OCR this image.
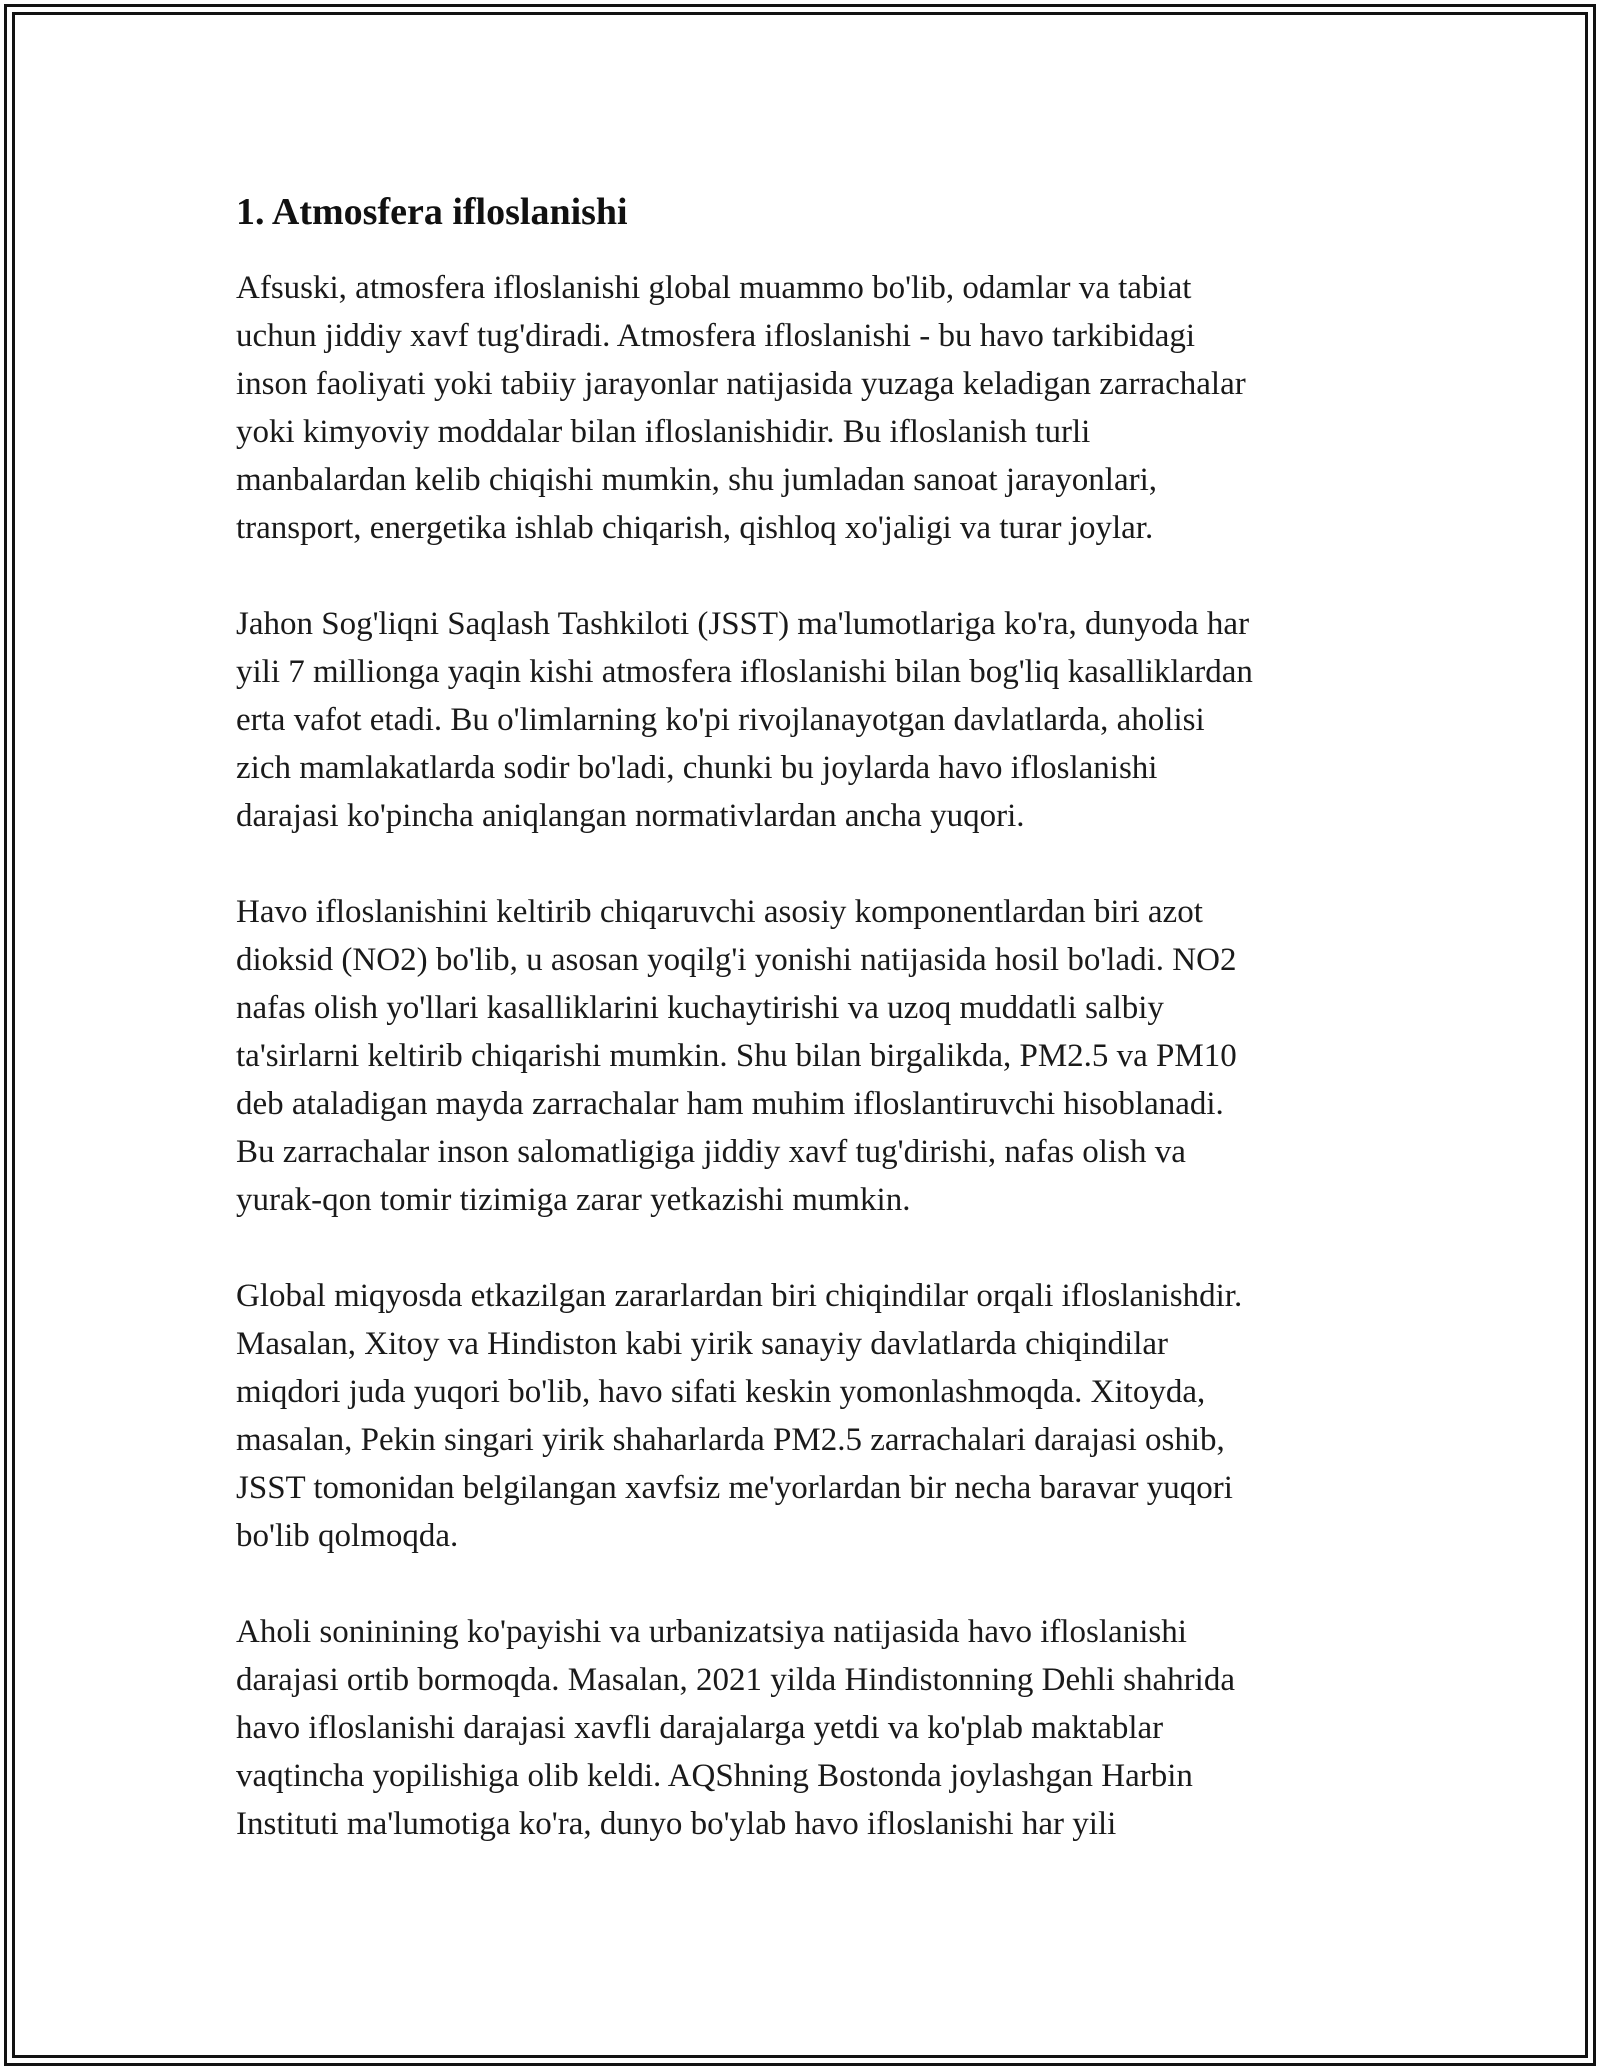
1. Atmosfera ifloslanishi

Afsuski, atmosfera ifloslanishi global muammo bo'lib, odamlar va tabiat
uchun jiddiy xavf tug'diradi. Atmosfera ifloslanishi - bu havo tarkibidagi
inson faoliyati yoki tabiiy jarayonlar natijasida yuzaga keladigan zarrachalar
yoki kimyoviy moddalar bilan ifloslanishidir. Bu ifloslanish turli
manbalardan kelib chiqishi mumkin, shu jumladan sanoat jarayonlari,
transport, energetika ishlab chiqarish, qishloq xo'jaligi va turar joylar.

Jahon Sog'liqni Saqlash Tashkiloti (JSST) ma'lumotlariga ko'ra, dunyoda har
yili 7 millionga yaqin kishi atmosfera ifloslanishi bilan bog'liq kasalliklardan
erta vafot etadi. Bu o'limlarning ko'pi rivojlanayotgan davlatlarda, aholisi
zich mamlakatlarda sodir bo'ladi, chunki bu joylarda havo ifloslanishi
darajasi ko'pincha aniqlangan normativlardan ancha yuqori.

Havo ifloslanishini keltirib chiqaruvchi asosiy komponentlardan biri azot
dioksid (NO2) bo'lib, u asosan yoqilg'i yonishi natijasida hosil bo'ladi. NO2
nafas olish yo'llari kasalliklarini kuchaytirishi va uzoq muddatli salbiy
ta'sirlarni keltirib chiqarishi mumkin. Shu bilan birgalikda, PM2.5 va PM10
deb ataladigan mayda zarrachalar ham muhim ifloslantiruvchi hisoblanadi.
Bu zarrachalar inson salomatligiga jiddiy xavf tug'dirishi, nafas olish va
yurak-qon tomir tizimiga zarar yetkazishi mumkin.

Global miqyosda etkazilgan zararlardan biri chiqindilar orqali ifloslanishdir.
Masalan, Xitoy va Hindiston kabi yirik sanayiy davlatlarda chiqindilar
miqdori juda yuqori bo'lib, havo sifati keskin yomonlashmoqda. Xitoyda,
masalan, Pekin singari yirik shaharlarda PM2.5 zarrachalari darajasi oshib,
JSST tomonidan belgilangan xavfsiz me'yorlardan bir necha baravar yuqori
bo'lib qolmoqda.

Aholi soninining ko'payishi va urbanizatsiya natijasida havo ifloslanishi
darajasi ortib bormoqda. Masalan, 2021 yilda Hindistonning Dehli shahrida
havo ifloslanishi darajasi xavfli darajalarga yetdi va ko'plab maktablar
vaqtincha yopilishiga olib keldi. AQShning Bostonda joylashgan Harbin
Instituti ma'lumotiga ko'ra, dunyo bo'ylab havo ifloslanishi har yili
